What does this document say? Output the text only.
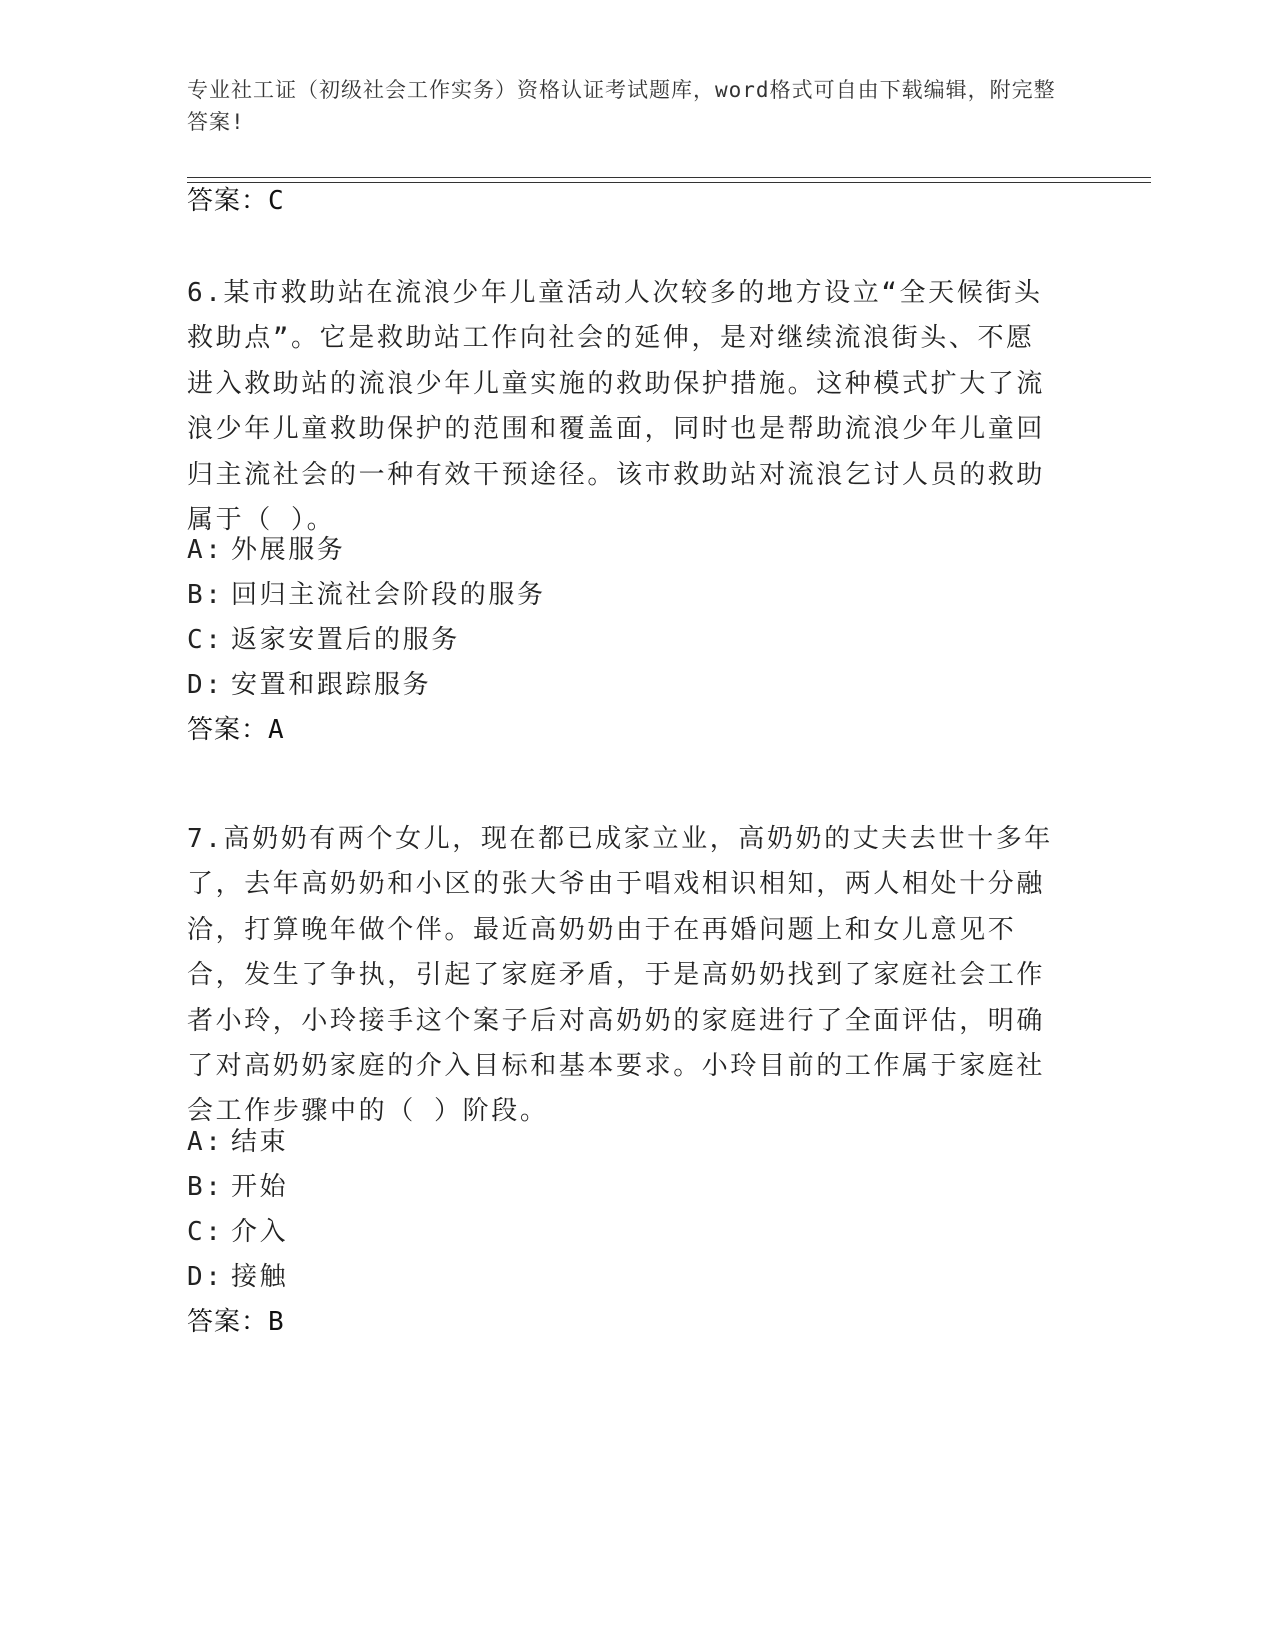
专业社工证（初级社会工作实务）资格认证考试题库，word格式可自由下载编辑，附完整答案!
答案：C
6.某市救助站在流浪少年儿童活动人次较多的地方设立“全天候街头救助点”。它是救助站工作向社会的延伸，是对继续流浪街头、不愿进入救助站的流浪少年儿童实施的救助保护措施。这种模式扩大了流浪少年儿童救助保护的范围和覆盖面，同时也是帮助流浪少年儿童回归主流社会的一种有效干预途径。该市救助站对流浪乞讨人员的救助属于（ ）。
A: 外展服务
B: 回归主流社会阶段的服务
C: 返家安置后的服务
D: 安置和跟踪服务
答案：A
7.高奶奶有两个女儿，现在都已成家立业，高奶奶的丈夫去世十多年了，去年高奶奶和小区的张大爷由于唱戏相识相知，两人相处十分融洽，打算晚年做个伴。最近高奶奶由于在再婚问题上和女儿意见不合，发生了争执，引起了家庭矛盾，于是高奶奶找到了家庭社会工作者小玲，小玲接手这个案子后对高奶奶的家庭进行了全面评估，明确了对高奶奶家庭的介入目标和基本要求。小玲目前的工作属于家庭社会工作步骤中的（ ）阶段。
A: 结束
B: 开始
C: 介入
D: 接触
答案：B
